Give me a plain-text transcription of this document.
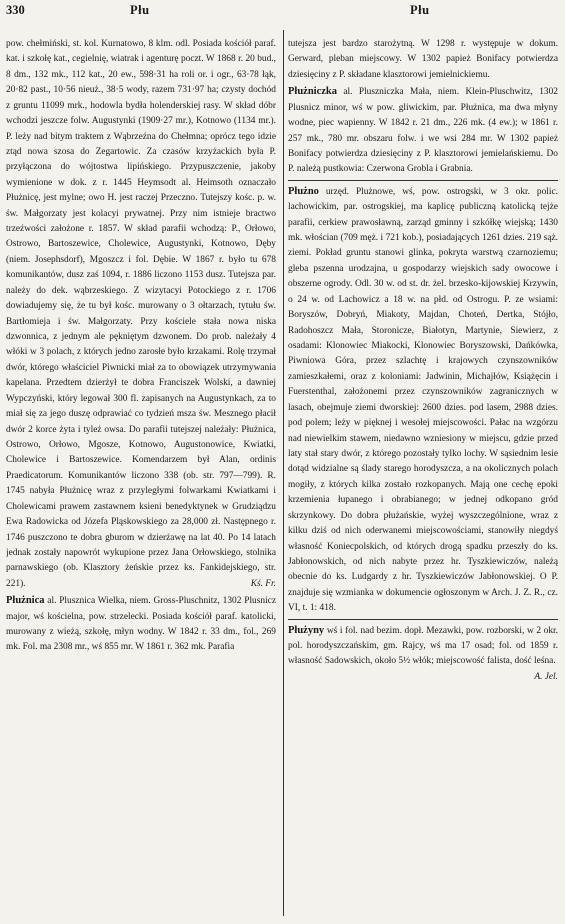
330	Płu	Płu

pow. chełmiński, st. kol. Kurnatowo, 8 klm. odl. Posiada kościół paraf. kat. i szkołę kat., cegielnię, wiatrak i agenturę poczt. W 1868 r. 20 bud., 8 dm., 132 mk., 112 kat., 20 ew., 598·31 ha roli or. i ogr., 63·78 łąk, 20·82 past., 10·56 nieuż., 38·5 wody, razem 731·97 ha; czysty dochód z gruntu 11099 mrk., hodowla bydła holenderskiej rasy. W skład dóbr wchodzi jeszcze folw. Augustynki (1909·27 mr.), Kotnowo (1134 mr.). P. leży nad bitym traktem z Wąbrzeźna do Chełmna; oprócz tego idzie ztąd nowa szosa do Zegartowic. Za czasów krzyżackich była P. przyłączona do wójtostwa lipińskiego. Przypuszczenie, jakoby wymienione w dok. z r. 1445 Heymsodt al. Heimsoth oznaczało Płużnicę, jest mylne; owo H. jest raczej Przeczno. Tutejszy kośc. p. w. św. Małgorzaty jest kolacyi prywatnej. Przy nim istnieje bractwo trzeźwości założone r. 1857. W skład parafii wchodzą: P., Orłowo, Ostrowo, Bartoszewice, Cholewice, Augustynki, Kotnowo, Dęby (niem. Josephsdorf), Mgoszcz i fol. Dębie. W 1867 r. było tu 678 komunikantów, dusz zaś 1094, r. 1886 liczono 1153 dusz. Tutejsza par. należy do dek. wąbrzeskiego. Z wizytacyi Potockiego z r. 1706 dowiadujemy się, że tu był kośc. murowany o 3 ołtarzach, tytułu św. Bartłomieja i św. Małgorzaty. Przy kościele stała nowa niska dzwonnica, z jednym ale pękniętym dzwonem. Do prob. należały 4 włóki w 3 polach, z których jedno zarosłe było krzakami. Rolę trzymał dwór, którego właściciel Piwnicki miał za to obowiązek utrzymywania kapelana. Przedtem dzierżył te dobra Franciszek Wolski, a dawniej Wypczyński, który legował 300 fl. zapisanych na Augustynkach, za to miał się za jego duszę odprawiać co tydzień msza św. Mesznego płacił dwór 2 korce żyta i tyleż owsa. Do parafii tutejszej należały: Płużnica, Ostrowo, Orłowo, Mgosze, Kotnowo, Augustonowice, Kwiatki, Cholewice i Bartoszewice. Komendarzem był Alan, ordinis Praedicatorum. Komunikantów liczono 338 (ob. str. 797—799). R. 1745 nabyła Płużnicę wraz z przyległymi folwarkami Kwiatkami i Cholewicami prawem zastawnem ksieni benedyktynek w Grudziądzu Ewa Radowicka od Józefa Pląskowskiego za 28,000 zł. Następnego r. 1746 puszczono te dobra gburom w dzierżawę na lat 40. Po 14 latach jednak zostały napowrót wykupione przez Jana Orłowskiego, stolnika parnawskiego (ob. Klasztory żeńskie przez ks. Fankidejskiego, str. 221).	Kś. Fr.

Płużnica al. Plusznica Wielka, niem. Gross-Pluschnitz, 1302 Plusnicz major, wś kościelna, pow. strzelecki. Posiada kościół paraf. katolicki, murowany z wieżą, szkołę, młyn wodny. W 1842 r. 33 dm., fol., 269 mk. Fol. ma 2308 mr., wś 855 mr. W 1861 r. 362 mk. Parafia

tutejsza jest bardzo starożytną. W 1298 r. występuje w dokum. Gerward, pleban miejscowy. W 1302 papież Bonifacy potwierdza dziesięciny z P. składane klasztorowi jemielnickiemu.

Płużniczka al. Pluszniczka Mała, niem. Klein-Pluschwitz, 1302 Plusnicz minor, wś w pow. gliwickim, par. Płużnica, ma dwa młyny wodne, piec wapienny. W 1842 r. 21 dm., 226 mk. (4 ew.); w 1861 r. 257 mk., 780 mr. obszaru folw. i we wsi 284 mr. W 1302 papież Bonifacy potwierdza dziesięciny z P. klasztorowi jemielańskiemu. Do P. należą pustkowia: Czerwona Grobla i Grabnia.

Płużno urzęd. Plużnowe, wś, pow. ostrogski, w 3 okr. polic. lachowickim, par. ostrogskiej, ma kaplicę publiczną katolicką tejże parafii, cerkiew prawosławną, zarząd gminny i szkółkę wiejską; 1430 mk. włościan (709 męż. i 721 kob.), posiadających 1261 dzies. 219 sąż. ziemi. Pokład gruntu stanowi glinka, pokryta warstwą czarnoziemu; gleba pszenna urodzajna, u gospodarzy wiejskich sady owocowe i obszerne ogrody. Odl. 30 w. od st. dr. żel. brzesko-kijowskiej Krzywin, o 24 w. od Lachowicz a 18 w. na płd. od Ostrogu. P. ze wsiami: Boryszów, Dobryń, Miakoty, Majdan, Choteń, Dertka, Stójło, Radohoszcz Mała, Storonicze, Białotyn, Martynie, Siewierz, z osadami: Klonowiec Miakocki, Klonowiec Boryszowski, Dańkówka, Piwniowa Góra, przez szlachtę i krajowych czynszowników zamieszkałemi, oraz z koloniami: Jadwinin, Michajłów, Książęcin i Fuerstenthal, założonemi przez czynszowników zagranicznych w lasach, obejmuje ziemi dworskiej: 2600 dzies. pod lasem, 2988 dzies. pod polem; leży w pięknej i wesołej miejscowości. Pałac na wzgórzu nad niewielkim stawem, niedawno wzniesiony w miejscu, gdzie przed laty stał stary dwór, z którego pozostały tylko lochy. W sąsiednim lesie dotąd widzialne są ślady starego horodyszcza, a na okolicznych polach mogiły, z których kilka zostało rozkopanych. Mają one cechę epoki krzemienia łupanego i obrabianego; w jednej odkopano gród skrzynkowy. Do dobra płużańskie, wyżej wyszczególnione, wraz z kilku dziś od nich oderwanemi miejscowościami, stanowiły niegdyś własność Koniecpolskich, od których drogą spadku przeszły do ks. Jabłonowskich, od nich nabyte przez hr. Tyszkiewiczów, należą obecnie do ks. Ludgardy z hr. Tyszkiewiczów Jabłonowskiej. O P. znajduje się wzmianka w dokumencie ogłoszonym w Arch. J. Z. R., cz. VI, t. 1: 418.

Płużyny wś i fol. nad bezim. dopł. Mezawki, pow. rozborski, w 2 okr. pol. horodyszczańskim, gm. Rajcy, wś ma 17 osad; fol. od 1859 r. własność Sadowskich, około 5½ włók; miejscowość falista, dość leśna.
A. Jel.
